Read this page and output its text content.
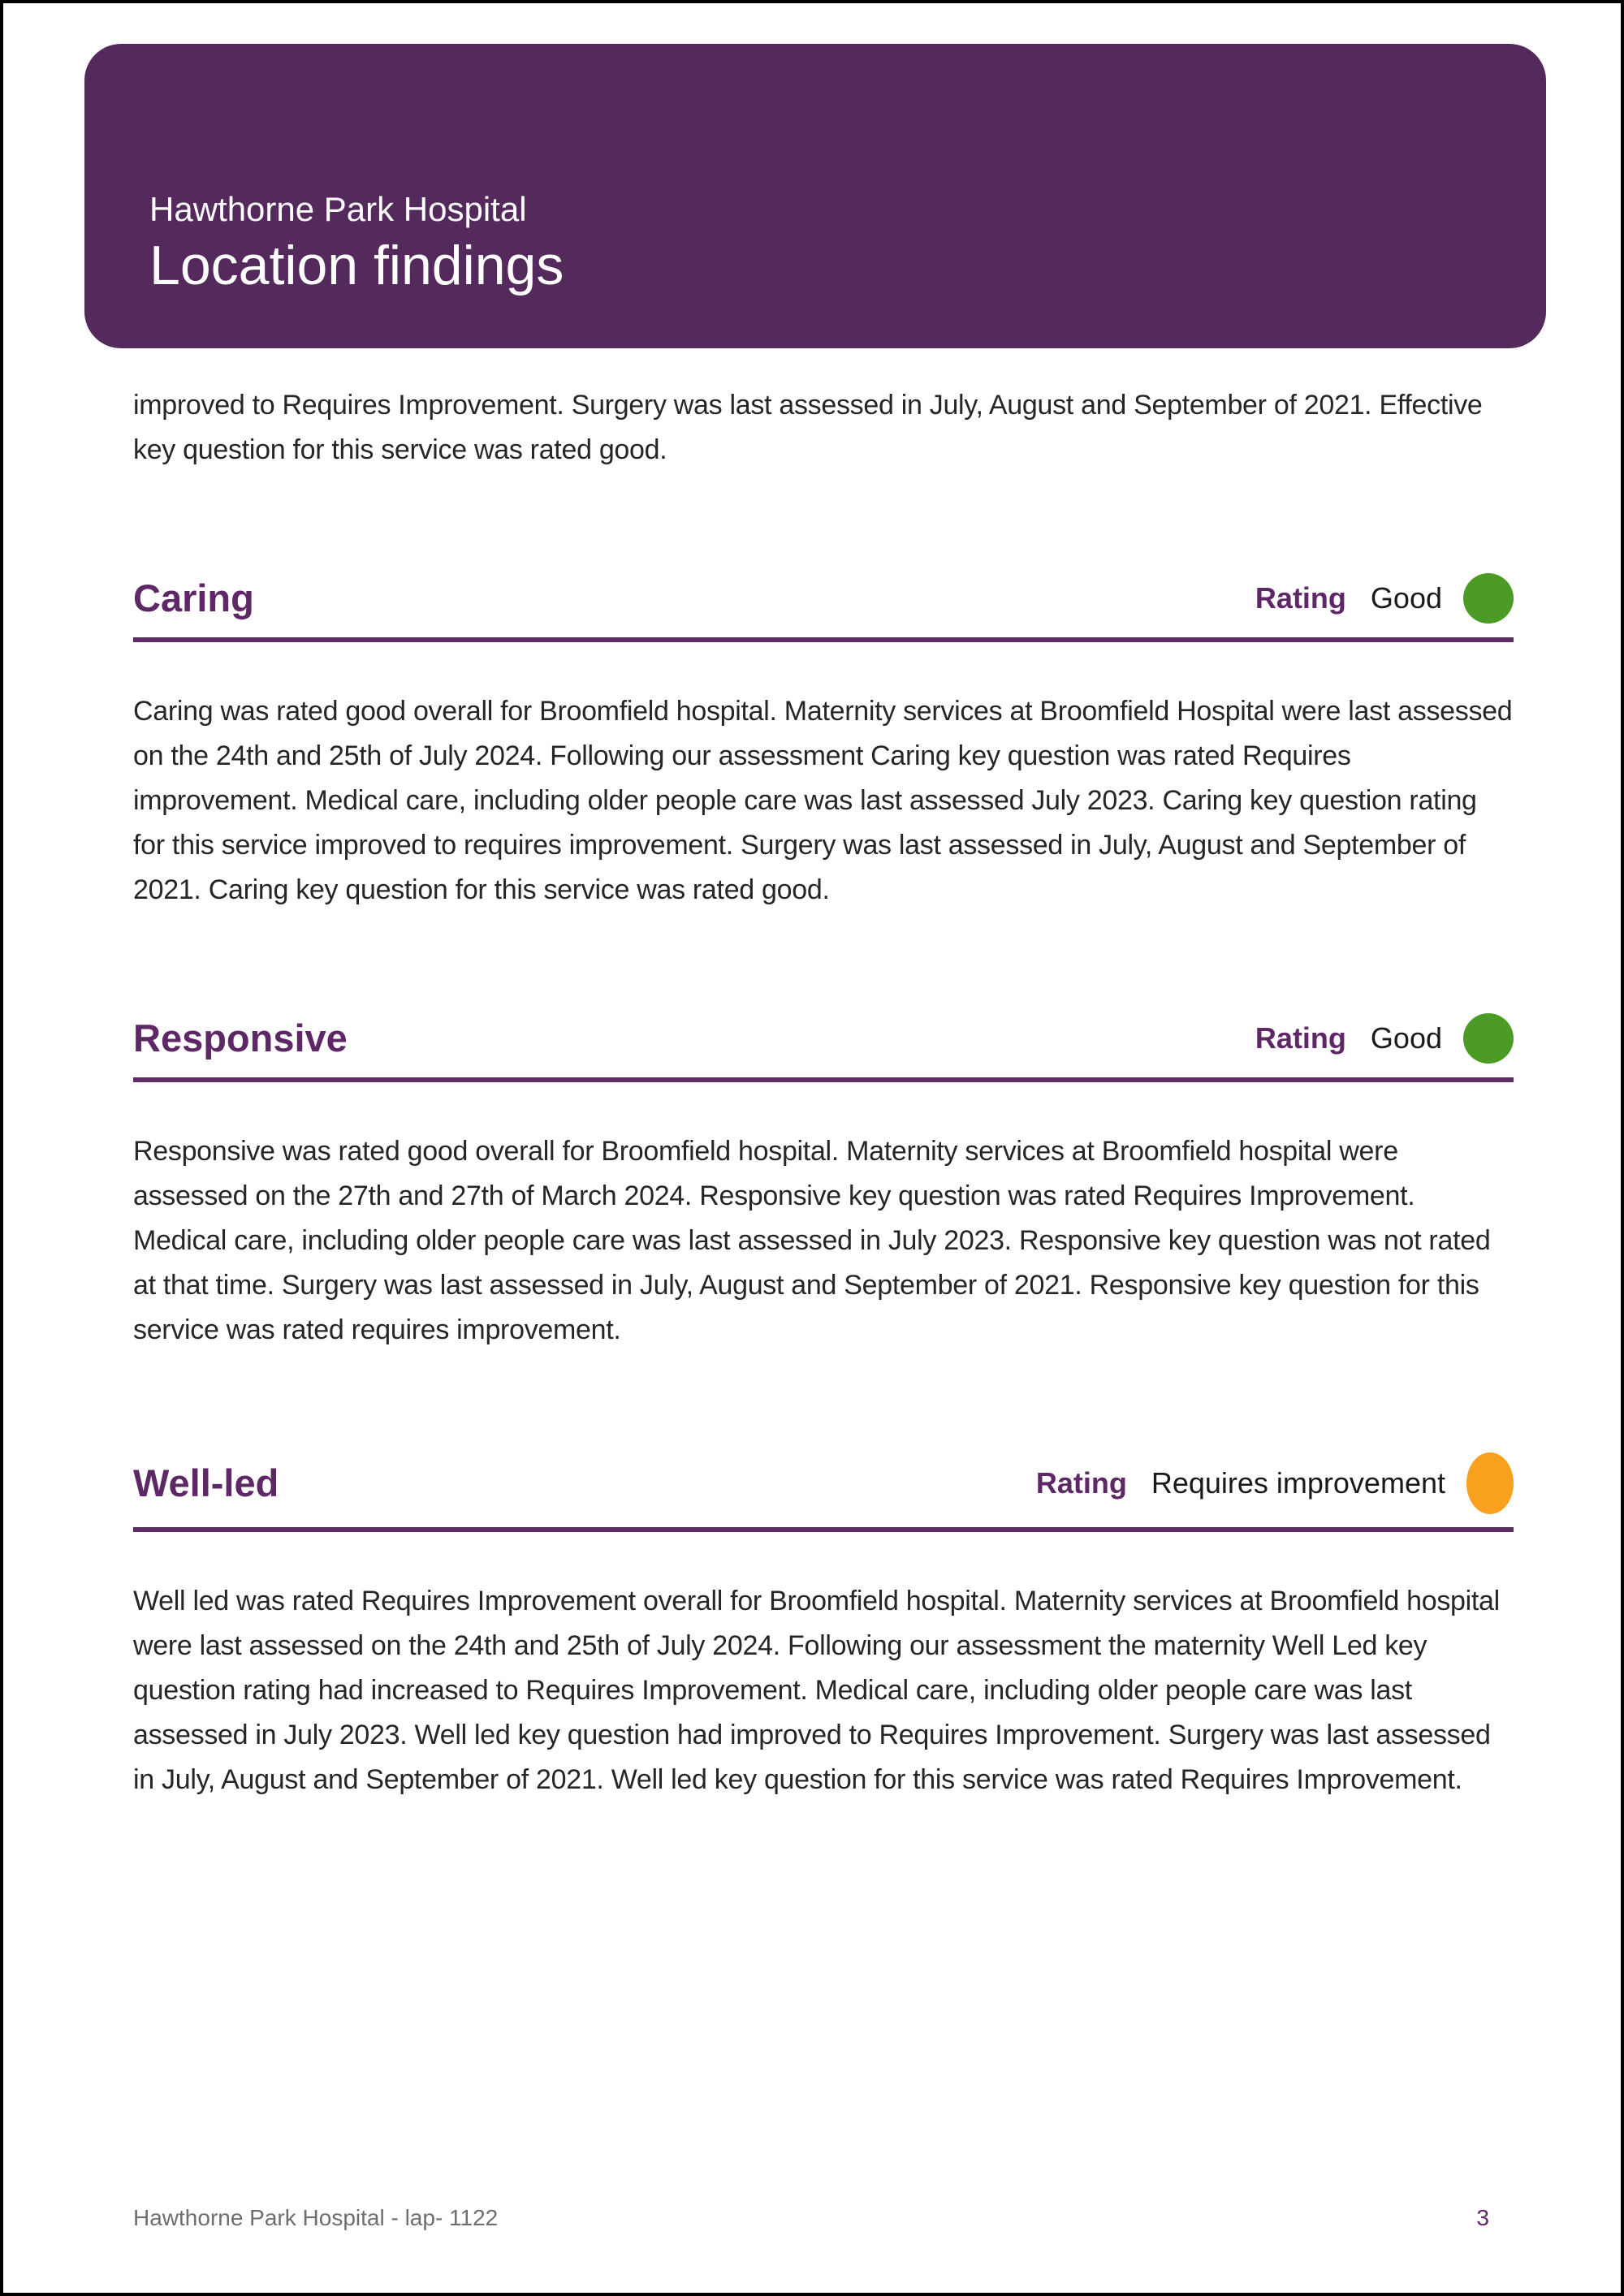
Hawthorne Park Hospital
Location findings

improved to Requires Improvement. Surgery was last assessed in July, August and September of 2021. Effective key question for this service was rated good.

Caring	Rating Good

Caring was rated good overall for Broomfield hospital. Maternity services at Broomfield Hospital were last assessed on the 24th and 25th of July 2024. Following our assessment Caring key question was rated Requires improvement. Medical care, including older people care was last assessed July 2023. Caring key question rating for this service improved to requires improvement. Surgery was last assessed in July, August and September of 2021. Caring key question for this service was rated good.

Responsive	Rating Good

Responsive was rated good overall for Broomfield hospital. Maternity services at Broomfield hospital were assessed on the 27th and 27th of March 2024. Responsive key question was rated Requires Improvement. Medical care, including older people care was last assessed in July 2023. Responsive key question was not rated at that time. Surgery was last assessed in July, August and September of 2021. Responsive key question for this service was rated requires improvement.

Well-led	Rating Requires improvement

Well led was rated Requires Improvement overall for Broomfield hospital. Maternity services at Broomfield hospital were last assessed on the 24th and 25th of July 2024. Following our assessment the maternity Well Led key question rating had increased to Requires Improvement. Medical care, including older people care was last assessed in July 2023. Well led key question had improved to Requires Improvement. Surgery was last assessed in July, August and September of 2021. Well led key question for this service was rated Requires Improvement.

Hawthorne Park Hospital - lap- 1122	3
